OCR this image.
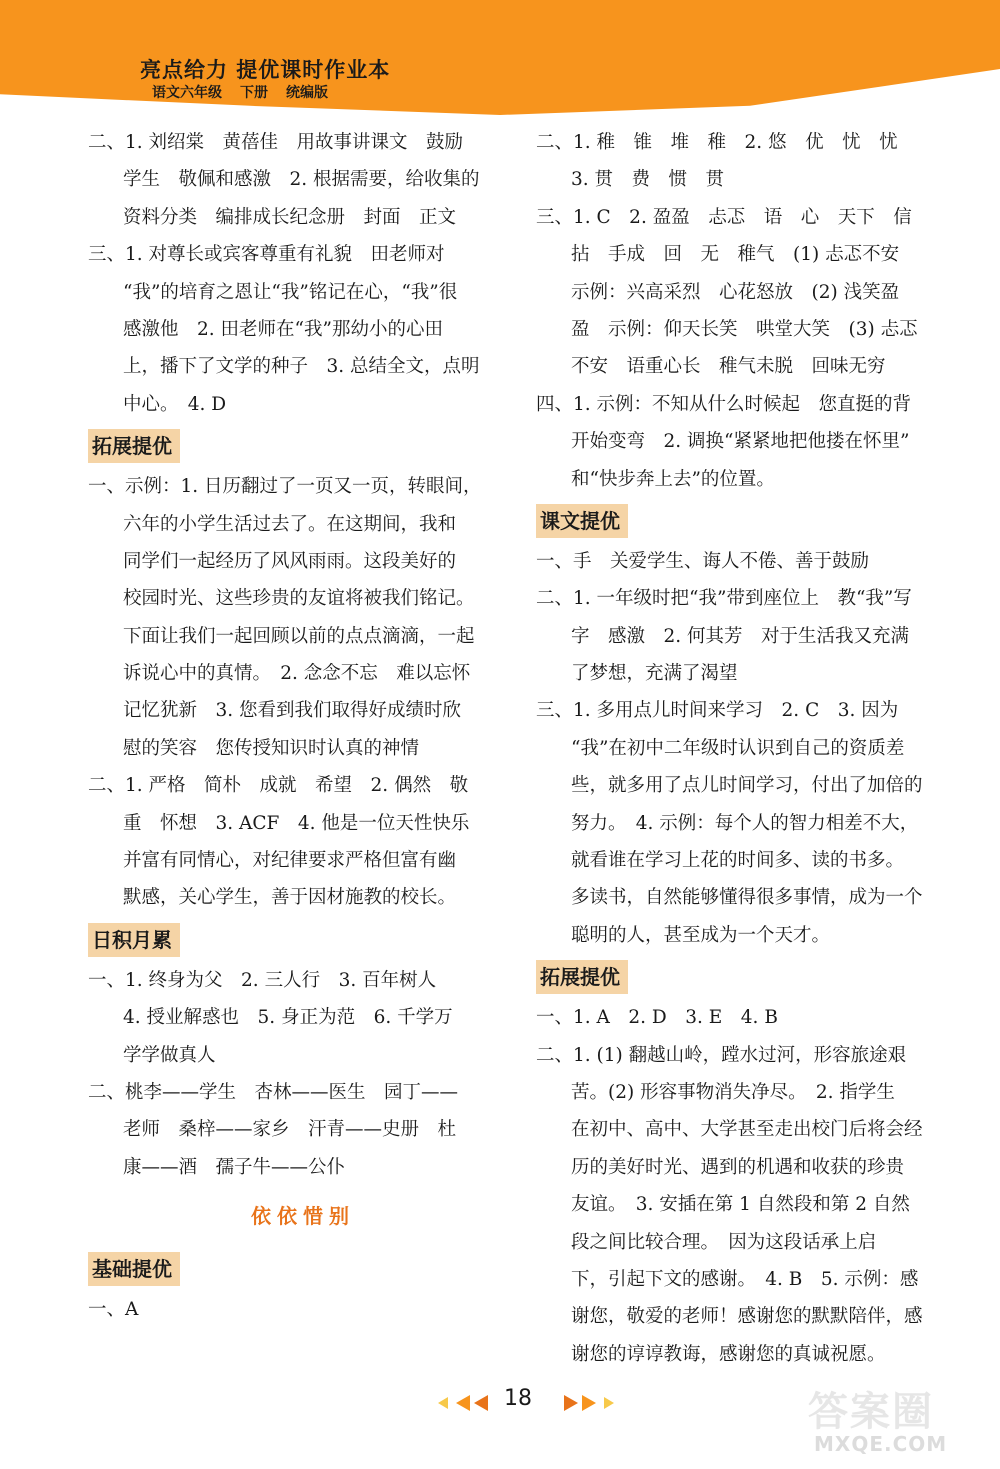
亮点给力 提优课时作业本
语文六年级 下册 统编版
二、1. 刘绍棠　黄蓓佳　用故事讲课文　鼓励
学生　敬佩和感激　2. 根据需要，给收集的
资料分类　编排成长纪念册　封面　正文
三、1. 对尊长或宾客尊重有礼貌　田老师对
“我”的培育之恩让“我”铭记在心，“我”很
感激他　2. 田老师在“我”那幼小的心田
上，播下了文学的种子　3. 总结全文，点明
中心。　4. D
拓展提优
一、示例：1. 日历翻过了一页又一页，转眼间，
六年的小学生活过去了。在这期间，我和
同学们一起经历了风风雨雨。这段美好的
校园时光、这些珍贵的友谊将被我们铭记。
下面让我们一起回顾以前的点点滴滴，一起
诉说心中的真情。　2. 念念不忘　难以忘怀
记忆犹新　3. 您看到我们取得好成绩时欣
慰的笑容　您传授知识时认真的神情
二、1. 严格　简朴　成就　希望　2. 偶然　敬
重　怀想　3. ACF　4. 他是一位天性快乐
并富有同情心，对纪律要求严格但富有幽
默感，关心学生，善于因材施教的校长。
日积月累
一、1. 终身为父　2. 三人行　3. 百年树人
4. 授业解惑也　5. 身正为范　6. 千学万
学学做真人
二、桃李——学生　杏林——医生　园丁——
老师　桑梓——家乡　汗青——史册　杜
康——酒　孺子牛——公仆
依依惜别
基础提优
一、A
二、1. 稚　锥　堆　稚　2. 悠　优　忧　忧
3. 贯　费　惯　贯
三、1. C　2. 盈盈　忐忑　语　心　天下　信
拈　手成　回　无　稚气　(1) 忐忑不安
示例：兴高采烈　心花怒放　(2) 浅笑盈
盈　示例：仰天长笑　哄堂大笑　(3) 忐忑
不安　语重心长　稚气未脱　回味无穷
四、1. 示例：不知从什么时候起　您直挺的背
开始变弯　2. 调换“紧紧地把他搂在怀里”
和“快步奔上去”的位置。
课文提优
一、手　关爱学生、诲人不倦、善于鼓励
二、1. 一年级时把“我”带到座位上　教“我”写
字　感激　2. 何其芳　对于生活我又充满
了梦想，充满了渴望
三、1. 多用点儿时间来学习　2. C　3. 因为
“我”在初中二年级时认识到自己的资质差
些，就多用了点儿时间学习，付出了加倍的
努力。　4. 示例：每个人的智力相差不大，
就看谁在学习上花的时间多、读的书多。
多读书，自然能够懂得很多事情，成为一个
聪明的人，甚至成为一个天才。
拓展提优
一、1. A　2. D　3. E　4. B
二、1. (1) 翻越山岭，蹚水过河，形容旅途艰
苦。(2) 形容事物消失净尽。　2. 指学生
在初中、高中、大学甚至走出校门后将会经
历的美好时光、遇到的机遇和收获的珍贵
友谊。　3. 安插在第 1 自然段和第 2 自然
段之间比较合理。　因为这段话承上启
下，引起下文的感谢。　4. B　5. 示例：感
谢您，敬爱的老师！感谢您的默默陪伴，感
谢您的谆谆教诲，感谢您的真诚祝愿。
18	答案圈
MXQE.COM
